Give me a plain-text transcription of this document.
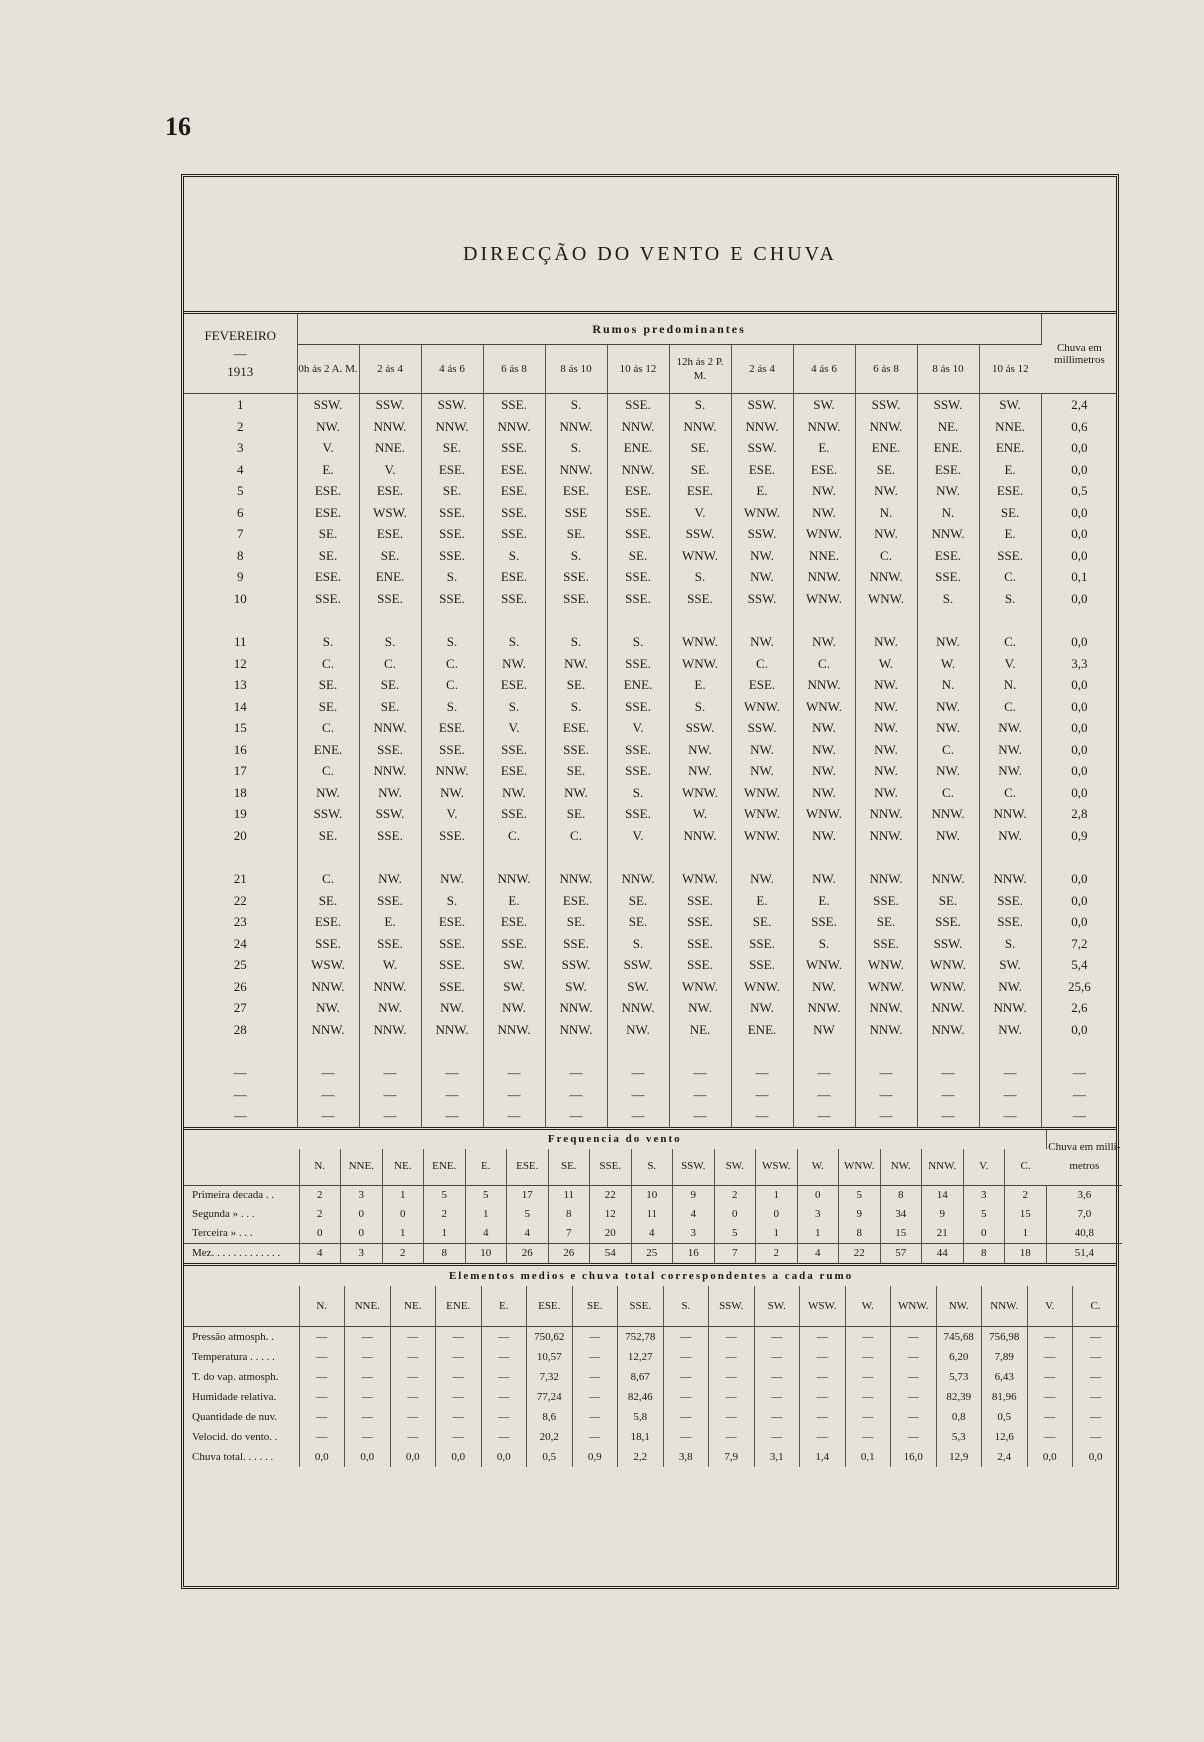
16
DIRECÇÃO DO VENTO E CHUVA
FEVEREIRO
—
1913	Rumos predominantes												Chuva em millimetros
	0h ás 2 A. M.	2 ás 4	4 ás 6	6 ás 8	8 ás 10	10 ás 12	12h ás 2 P. M.	2 ás 4	4 ás 6	6 ás 8	8 ás 10	10 ás 12	
1	SSW.	SSW.	SSW.	SSE.	S.	SSE.	S.	SSW.	SW.	SSW.	SSW.	SW.	2,4
2	NW.	NNW.	NNW.	NNW.	NNW.	NNW.	NNW.	NNW.	NNW.	NNW.	NE.	NNE.	0,6
3	V.	NNE.	SE.	SSE.	S.	ENE.	SE.	SSW.	E.	ENE.	ENE.	ENE.	0,0
4	E.	V.	ESE.	ESE.	NNW.	NNW.	SE.	ESE.	ESE.	SE.	ESE.	E.	0,0
5	ESE.	ESE.	SE.	ESE.	ESE.	ESE.	ESE.	E.	NW.	NW.	NW.	ESE.	0,5
6	ESE.	WSW.	SSE.	SSE.	SSE	SSE.	V.	WNW.	NW.	N.	N.	SE.	0,0
7	SE.	ESE.	SSE.	SSE.	SE.	SSE.	SSW.	SSW.	WNW.	NW.	NNW.	E.	0,0
8	SE.	SE.	SSE.	S.	S.	SE.	WNW.	NW.	NNE.	C.	ESE.	SSE.	0,0
9	ESE.	ENE.	S.	ESE.	SSE.	SSE.	S.	NW.	NNW.	NNW.	SSE.	C.	0,1
10	SSE.	SSE.	SSE.	SSE.	SSE.	SSE.	SSE.	SSW.	WNW.	WNW.	S.	S.	0,0

11	S.	S.	S.	S.	S.	S.	WNW.	NW.	NW.	NW.	NW.	C.	0,0
12	C.	C.	C.	NW.	NW.	SSE.	WNW.	C.	C.	W.	W.	V.	3,3
13	SE.	SE.	C.	ESE.	SE.	ENE.	E.	ESE.	NNW.	NW.	N.	N.	0,0
14	SE.	SE.	S.	S.	S.	SSE.	S.	WNW.	WNW.	NW.	NW.	C.	0,0
15	C.	NNW.	ESE.	V.	ESE.	V.	SSW.	SSW.	NW.	NW.	NW.	NW.	0,0
16	ENE.	SSE.	SSE.	SSE.	SSE.	SSE.	NW.	NW.	NW.	NW.	C.	NW.	0,0
17	C.	NNW.	NNW.	ESE.	SE.	SSE.	NW.	NW.	NW.	NW.	NW.	NW.	0,0
18	NW.	NW.	NW.	NW.	NW.	S.	WNW.	WNW.	NW.	NW.	C.	C.	0,0
19	SSW.	SSW.	V.	SSE.	SE.	SSE.	W.	WNW.	WNW.	NNW.	NNW.	NNW.	2,8
20	SE.	SSE.	SSE.	C.	C.	V.	NNW.	WNW.	NW.	NNW.	NW.	NW.	0,9

21	C.	NW.	NW.	NNW.	NNW.	NNW.	WNW.	NW.	NW.	NNW.	NNW.	NNW.	0,0
22	SE.	SSE.	S.	E.	ESE.	SE.	SSE.	E.	E.	SSE.	SE.	SSE.	0,0
23	ESE.	E.	ESE.	ESE.	SE.	SE.	SSE.	SE.	SSE.	SE.	SSE.	SSE.	0,0
24	SSE.	SSE.	SSE.	SSE.	SSE.	S.	SSE.	SSE.	S.	SSE.	SSW.	S.	7,2
25	WSW.	W.	SSE.	SW.	SSW.	SSW.	SSE.	SSE.	WNW.	WNW.	WNW.	SW.	5,4
26	NNW.	NNW.	SSE.	SW.	SW.	SW.	WNW.	WNW.	NW.	WNW.	WNW.	NW.	25,6
27	NW.	NW.	NW.	NW.	NNW.	NNW.	NW.	NW.	NNW.	NNW.	NNW.	NNW.	2,6
28	NNW.	NNW.	NNW.	NNW.	NNW.	NW.	NE.	ENE.	NW	NNW.	NNW.	NW.	0,0

—	—	—	—	—	—	—	—	—	—	—	—	—	—
—	—	—	—	—	—	—	—	—	—	—	—	—	—
—	—	—	—	—	—	—	—	—	—	—	—	—	—
Frequencia do vento																			Chuva em milli- metros
	N.	NNE.	NE.	ENE.	E.	ESE.	SE.	SSE.	S.	SSW.	SW.	WSW.	W.	WNW.	NW.	NNW.	V.	C.	
Primeira decada . .	2	3	1	5	5	17	11	22	10	9	2	1	0	5	8	14	3	2	3,6
Segunda » . . .	2	0	0	2	1	5	8	12	11	4	0	0	3	9	34	9	5	15	7,0
Terceira » . . .	0	0	1	1	4	4	7	20	4	3	5	1	1	8	15	21	0	1	40,8
Mez. . . . . . . . . . . . .	4	3	2	8	10	26	26	54	25	16	7	2	4	22	57	44	8	18	51,4
Elementos medios e chuva total correspondentes a cada rumo																		
	N.	NNE.	NE.	ENE.	E.	ESE.	SE.	SSE.	S.	SSW.	SW.	WSW.	W.	WNW.	NW.	NNW.	V.	C.
Pressão atmosph. .	—	—	—	—	—	750,62	—	752,78	—	—	—	—	—	—	745,68	756,98	—	—
Temperatura . . . . .	—	—	—	—	—	10,57	—	12,27	—	—	—	—	—	—	6,20	7,89	—	—
T. do vap. atmosph.	—	—	—	—	—	7,32	—	8,67	—	—	—	—	—	—	5,73	6,43	—	—
Humidade relativa.	—	—	—	—	—	77,24	—	82,46	—	—	—	—	—	—	82,39	81,96	—	—
Quantidade de nuv.	—	—	—	—	—	8,6	—	5,8	—	—	—	—	—	—	0,8	0,5	—	—
Velocid. do vento. .	—	—	—	—	—	20,2	—	18,1	—	—	—	—	—	—	5,3	12,6	—	—
Chuva total. . . . . .	0,0	0,0	0,0	0,0	0,0	0,5	0,9	2,2	3,8	7,9	3,1	1,4	0,1	16,0	12,9	2,4	0,0	0,0
